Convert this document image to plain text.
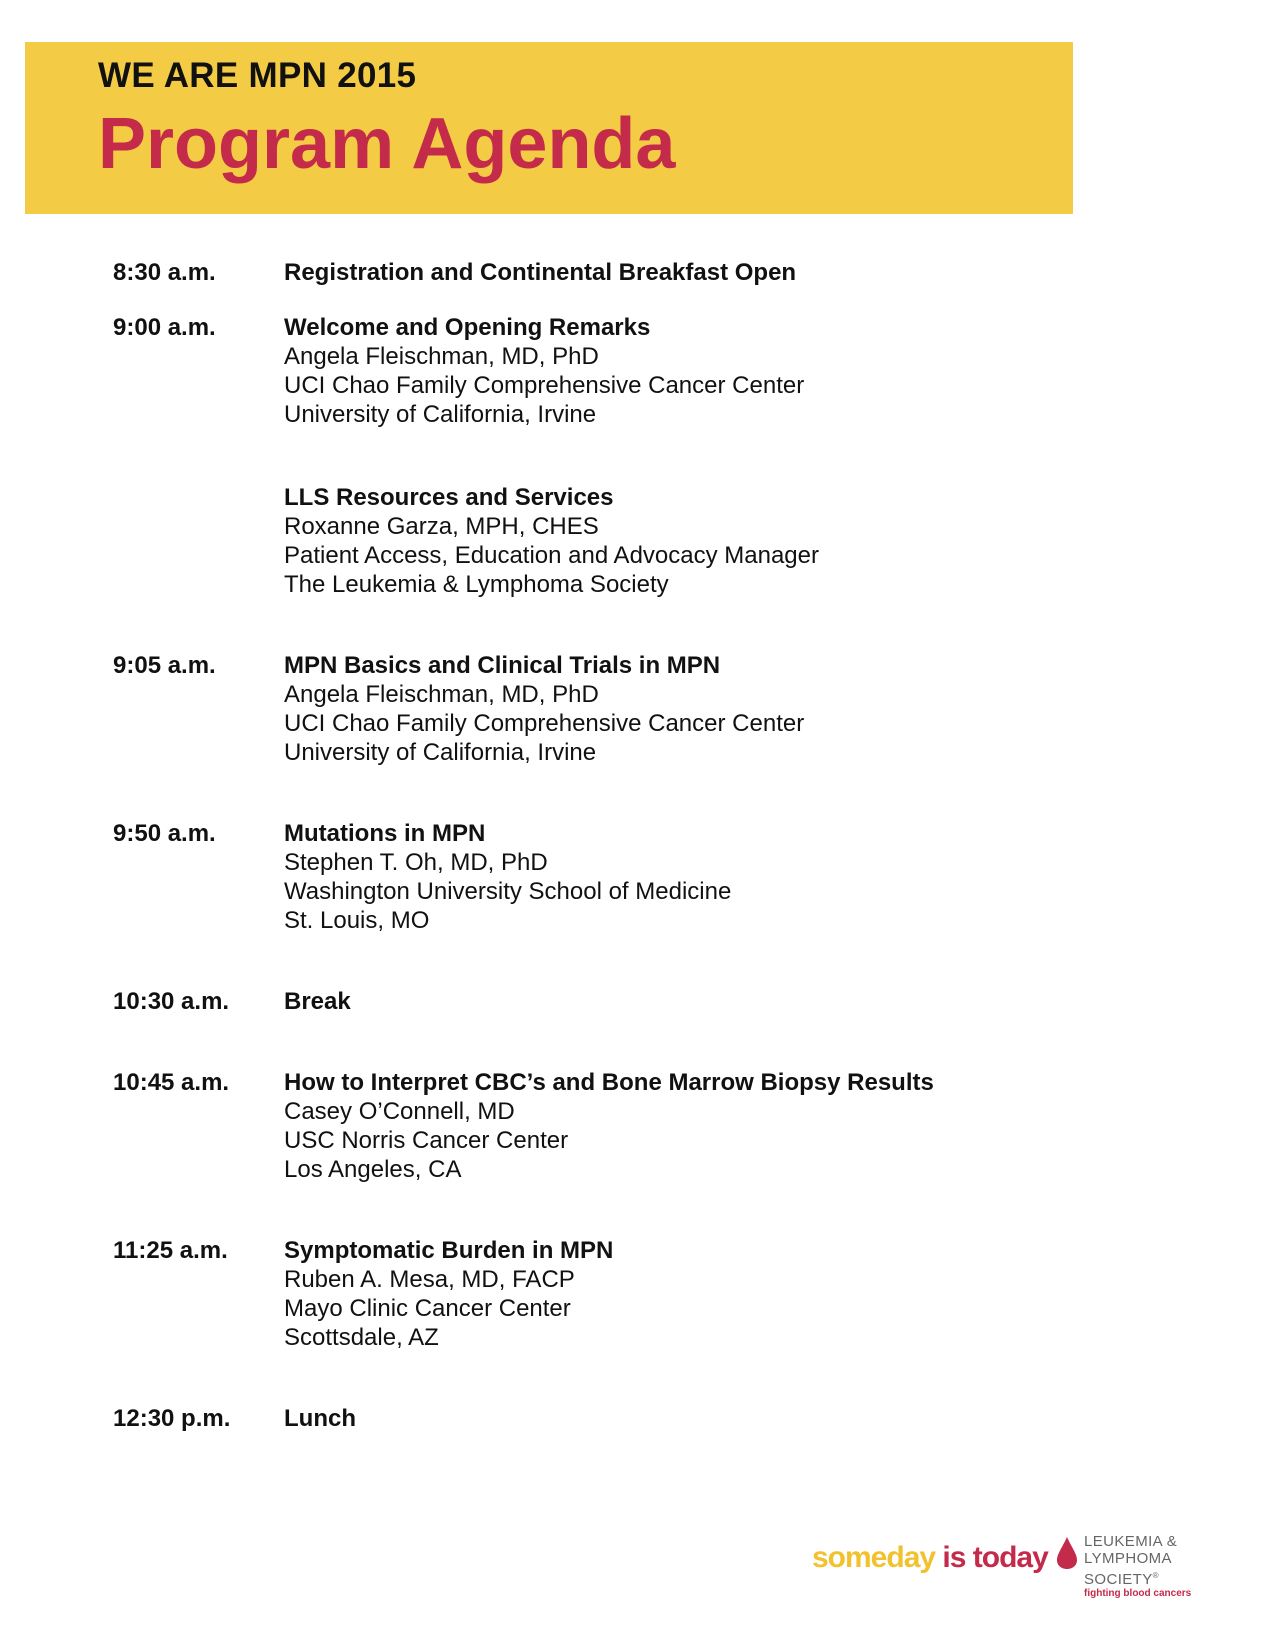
WE ARE MPN 2015
Program Agenda
8:30 a.m.	Registration and Continental Breakfast Open
9:00 a.m.	Welcome and Opening Remarks
Angela Fleischman, MD, PhD
UCI Chao Family Comprehensive Cancer Center
University of California, Irvine
LLS Resources and Services
Roxanne Garza, MPH, CHES
Patient Access, Education and Advocacy Manager
The Leukemia & Lymphoma Society
9:05 a.m.	MPN Basics and Clinical Trials in MPN
Angela Fleischman, MD, PhD
UCI Chao Family Comprehensive Cancer Center
University of California, Irvine
9:50 a.m.	Mutations in MPN
Stephen T. Oh, MD, PhD
Washington University School of Medicine
St. Louis, MO
10:30 a.m. Break
10:45 a.m. How to Interpret CBC’s and Bone Marrow Biopsy Results
Casey O’Connell, MD
USC Norris Cancer Center
Los Angeles, CA
11:25 a.m. Symptomatic Burden in MPN
Ruben A. Mesa, MD, FACP
Mayo Clinic Cancer Center
Scottsdale, AZ
12:30 p.m. Lunch
someday is today LEUKEMIA &
LYMPHOMA
SOCIETY®
fighting blood cancers
